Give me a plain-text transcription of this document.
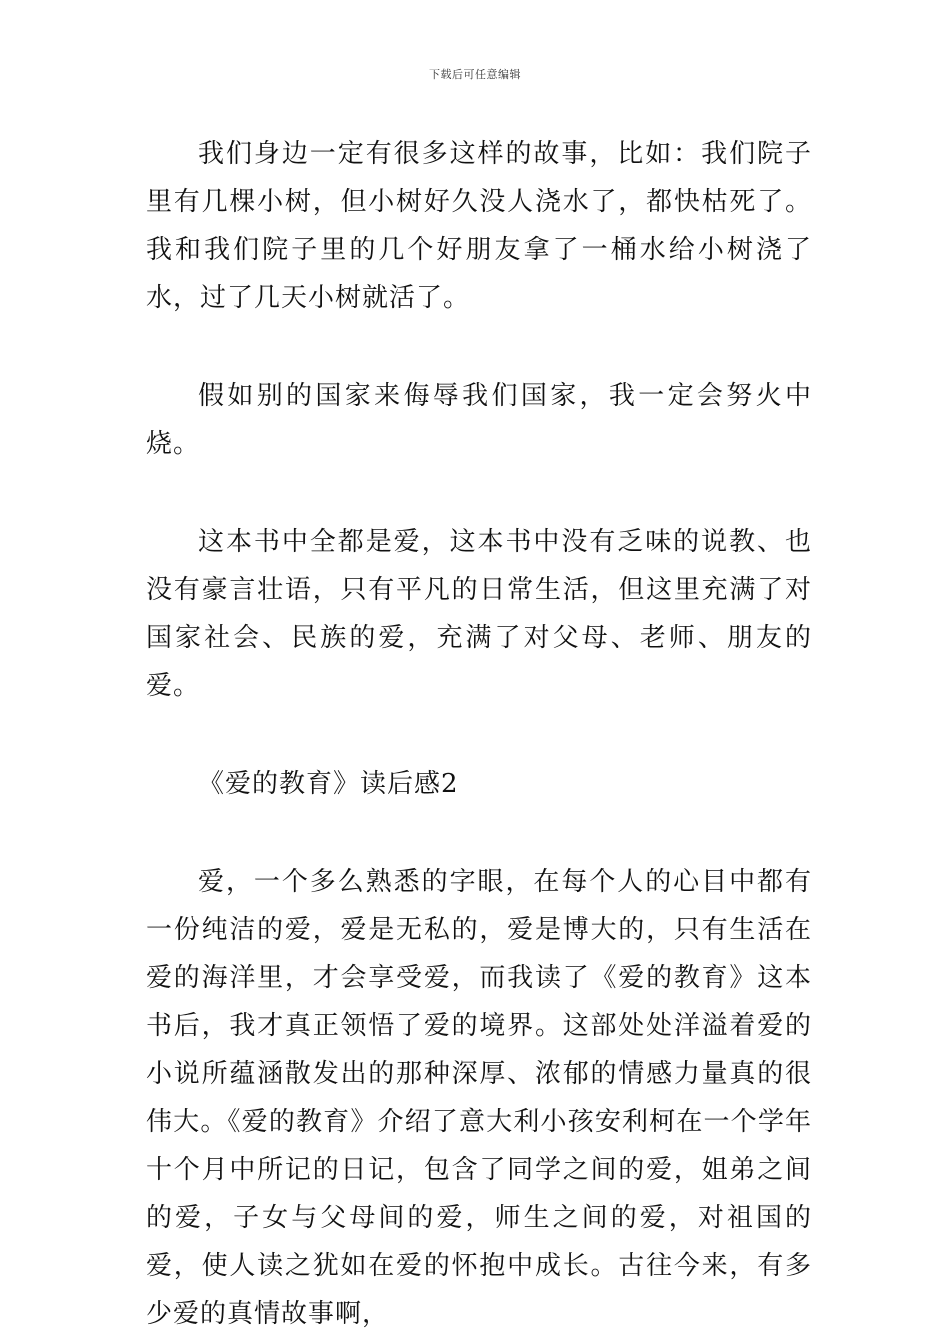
下载后可任意编辑

我们身边一定有很多这样的故事，比如：我们院子里有几棵小树，但小树好久没人浇水了，都快枯死了。我和我们院子里的几个好朋友拿了一桶水给小树浇了水，过了几天小树就活了。

假如别的国家来侮辱我们国家，我一定会努火中烧。

这本书中全都是爱，这本书中没有乏味的说教、也没有豪言壮语，只有平凡的日常生活，但这里充满了对国家社会、民族的爱，充满了对父母、老师、朋友的爱。

《爱的教育》读后感2

爱，一个多么熟悉的字眼，在每个人的心目中都有一份纯洁的爱，爱是无私的，爱是博大的，只有生活在爱的海洋里，才会享受爱，而我读了《爱的教育》这本书后，我才真正领悟了爱的境界。这部处处洋溢着爱的小说所蕴涵散发出的那种深厚、浓郁的情感力量真的很伟大。《爱的教育》介绍了意大利小孩安利柯在一个学年十个月中所记的日记，包含了同学之间的爱，姐弟之间的爱，子女与父母间的爱，师生之间的爱，对祖国的爱，使人读之犹如在爱的怀抱中成长。古往今来，有多少爱的真情故事啊，
